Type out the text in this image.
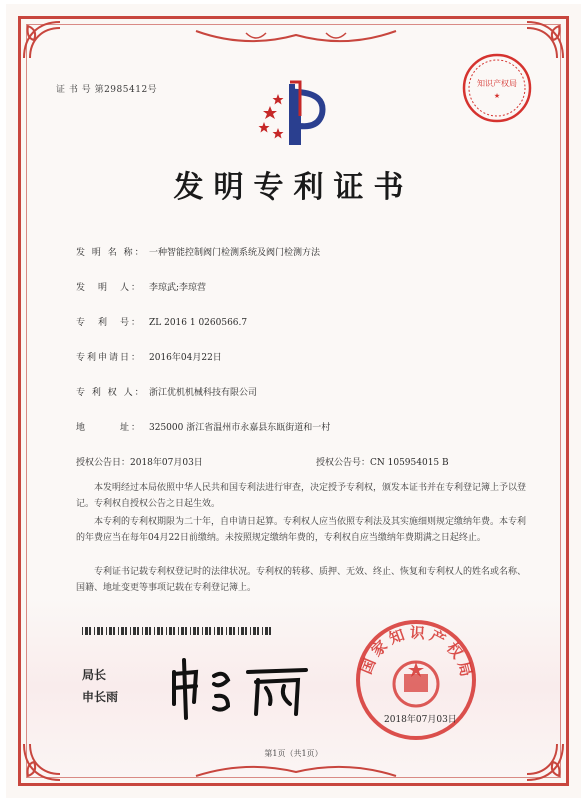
证 书 号 第2985412号
知识产权局
★
发明专利证书
发 明 名 称： 一种智能控制阀门检测系统及阀门检测方法
发　明　人： 李琼武;李琼营
专　利　号： ZL 2016 1 0260566.7
专利申请日： 2016年04月22日
专 利 权 人： 浙江优机机械科技有限公司
地　　　址： 325000 浙江省温州市永嘉县东瓯街道和一村
授权公告日：2018年07月03日	授权公告号：CN 105954015 B
本发明经过本局依照中华人民共和国专利法进行审查，决定授予专利权，颁发本证书并在专利登记簿上予以登记。专利权自授权公告之日起生效。
本专利的专利权期限为二十年，自申请日起算。专利权人应当依照专利法及其实施细则规定缴纳年费。本专利的年费应当在每年04月22日前缴纳。未按照规定缴纳年费的，专利权自应当缴纳年费期满之日起终止。
专利证书记载专利权登记时的法律状况。专利权的转移、质押、无效、终止、恢复和专利权人的姓名或名称、国籍、地址变更等事项记载在专利登记簿上。
局长
申长雨
国家知识产权局
2018年07月03日
第1页（共1页）
